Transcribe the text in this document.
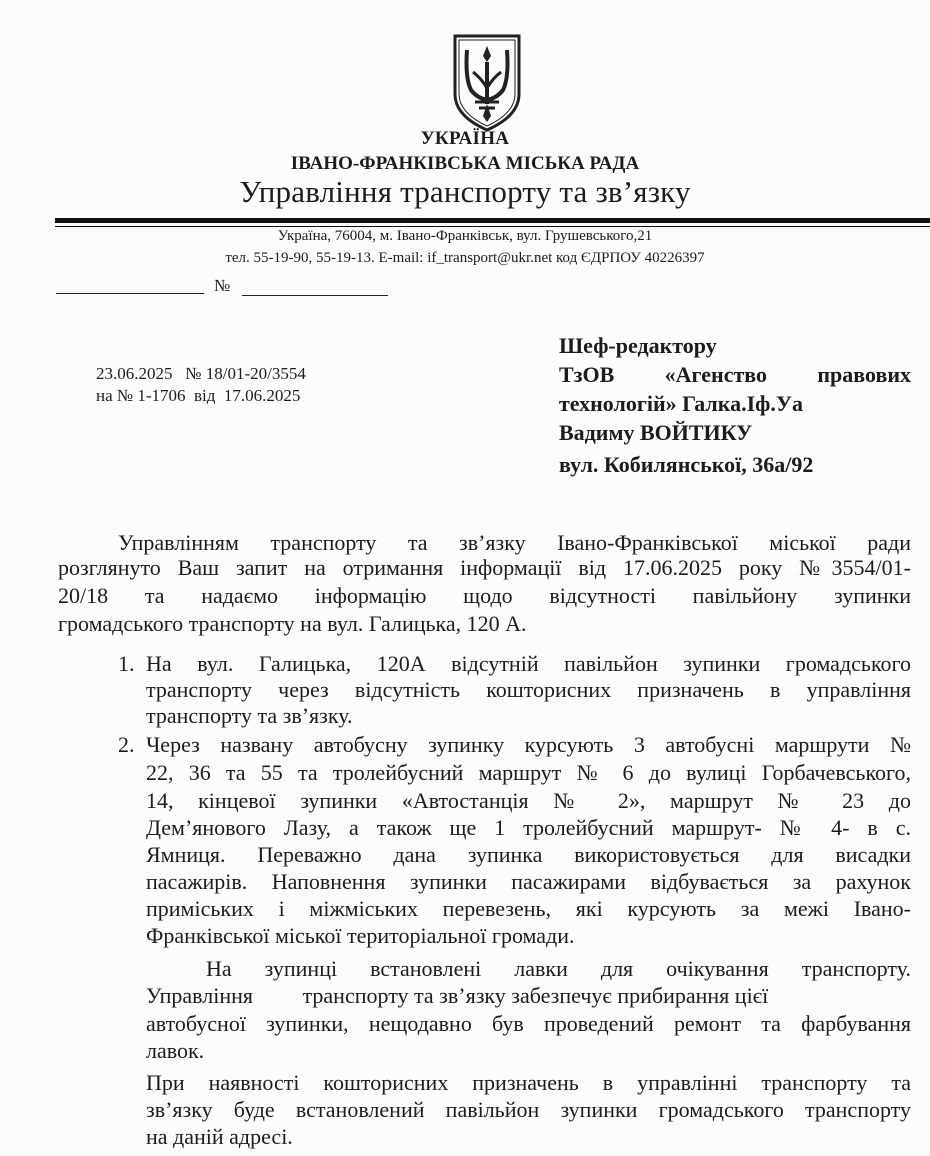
УКРАЇНА
ІВАНО-ФРАНКІВСЬКА МІСЬКА РАДА
Управління транспорту та зв’язку
Україна, 76004, м. Івано-Франківськ, вул. Грушевського,21
тел. 55-19-90, 55-19-13. E-mail: if_transport@ukr.net код ЄДРПОУ 40226397
№
23.06.2025   № 18/01-20/3554
на № 1-1706  від  17.06.2025
Шеф-редактору
ТзОВ «Агенство правових
технологій» Галка.Іф.Уа
Вадиму ВОЙТИКУ
вул. Кобилянської, 36а/92
Управлінням транспорту та зв’язку Івано-Франківської міської ради
розглянуто Ваш запит на отримання інформації від 17.06.2025 року №3554/01-
20/18 та надаємо інформацію щодо відсутності павільйону зупинки
громадського транспорту на вул. Галицька, 120 А.
1. На вул. Галицька, 120А відсутній павільйон зупинки громадського
транспорту через відсутність кошторисних призначень в управління
транспорту та зв’язку.
2. Через названу автобусну зупинку курсують 3 автобусні маршрути №
22, 36 та 55 та тролейбусний маршрут № 6 до вулиці Горбачевського,
14, кінцевої зупинки «Автостанція № 2», маршрут № 23 до
Дем’янового Лазу, а також ще 1 тролейбусний маршрут- № 4- в с.
Ямниця. Переважно дана зупинка використовується для висадки
пасажирів. Наповнення зупинки пасажирами відбувається за рахунок
приміських і міжміських перевезень, які курсують за межі Івано-
Франківської міської територіальної громади.
На зупинці встановлені лавки для очікування транспорту.
Управління         транспорту та зв’язку забезпечує прибирання цієї
автобусної зупинки, нещодавно був проведений ремонт та фарбування
лавок.
При наявності кошторисних призначень в управлінні транспорту та
зв’язку буде встановлений павільйон зупинки громадського транспорту
на даній адресі.
